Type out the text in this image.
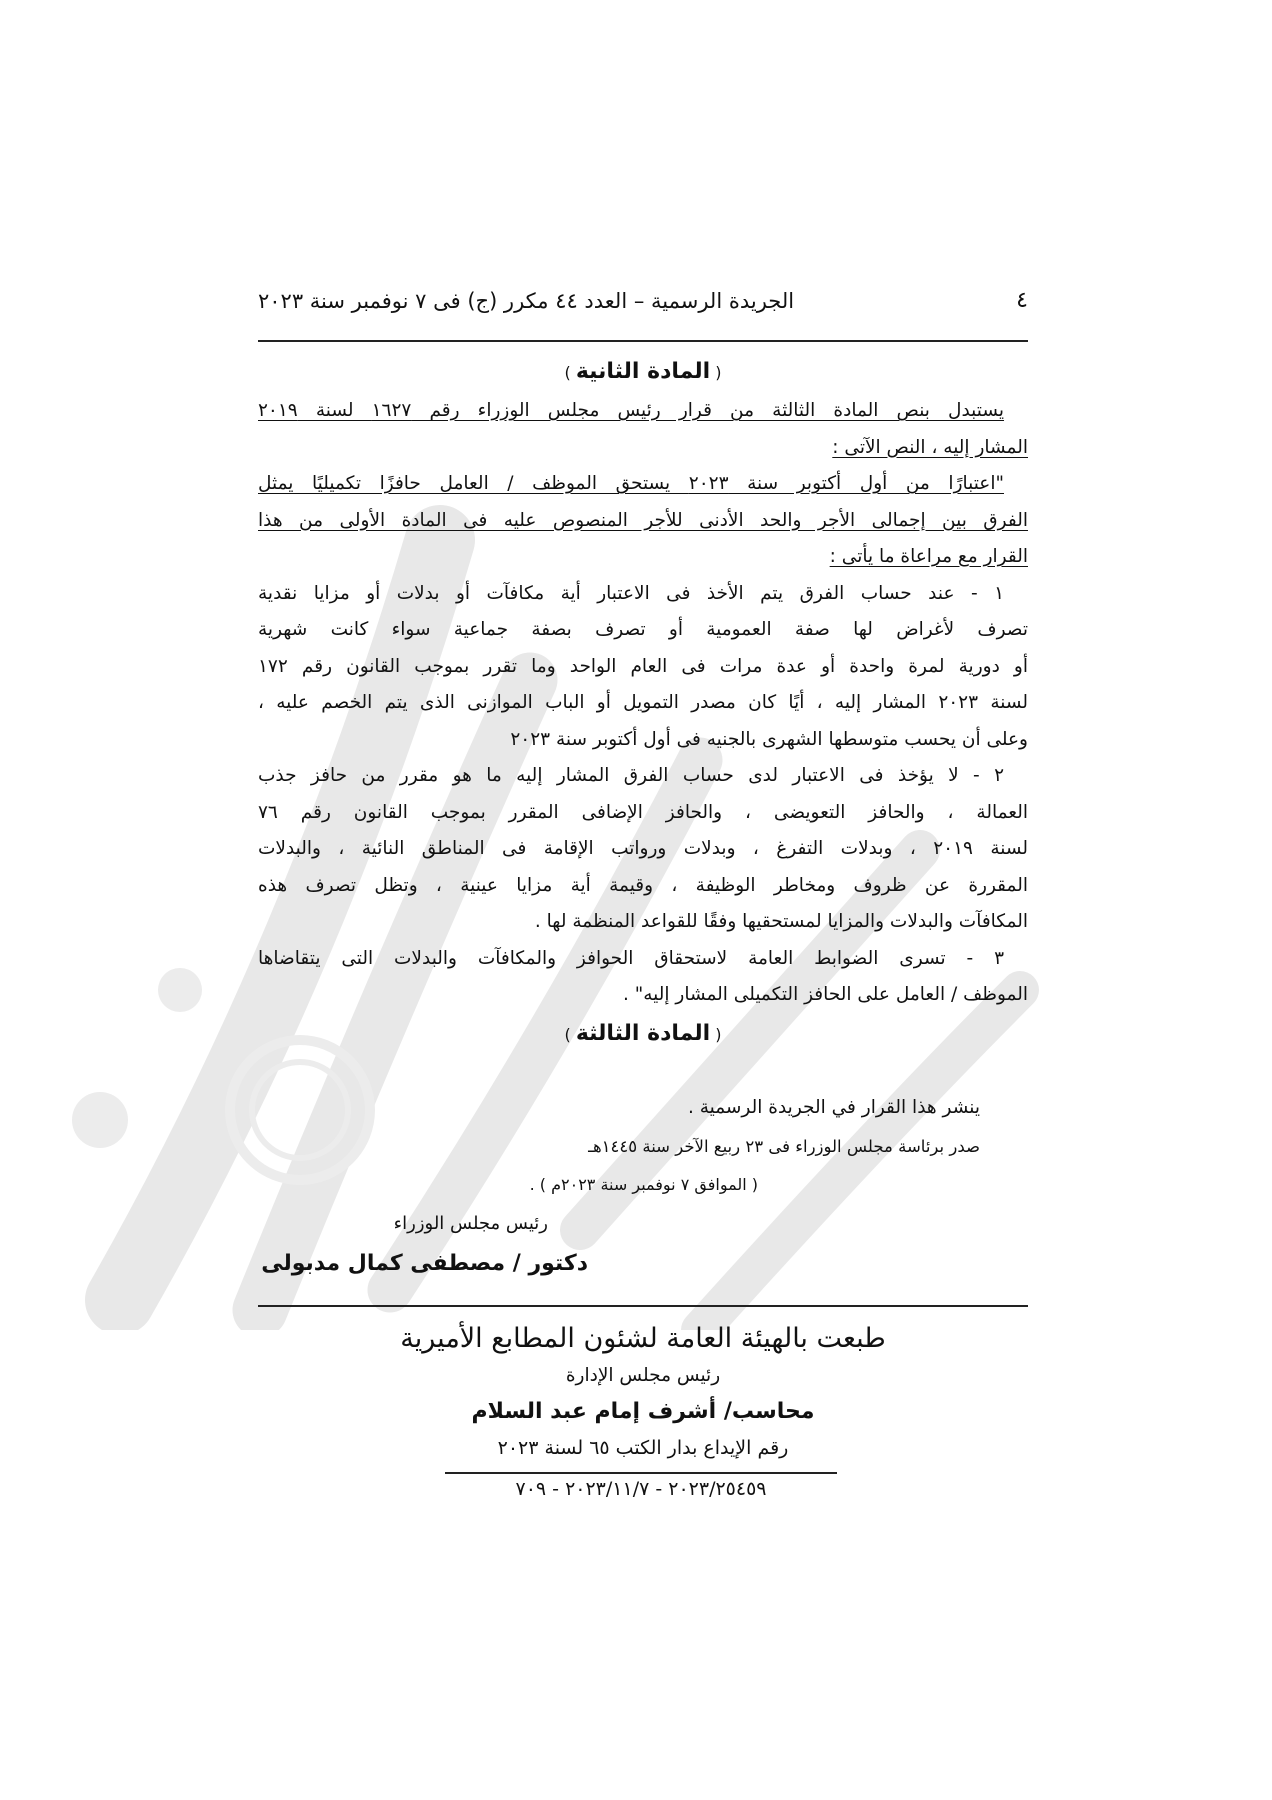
٤
الجريدة الرسمية – العدد ٤٤ مكرر (ج) فى ٧ نوفمبر سنة ٢٠٢٣
( المادة الثانية )
يستبدل بنص المادة الثالثة من قرار رئيس مجلس الوزراء رقم ١٦٢٧ لسنة ٢٠١٩
المشار إليه ، النص الآتى :
"اعتبارًا من أول أكتوبر سنة ٢٠٢٣ يستحق الموظف / العامل حافزًا تكميليًا يمثل
الفرق بين إجمالى الأجر والحد الأدنى للأجر المنصوص عليه فى المادة الأولى من هذا
القرار مع مراعاة ما يأتى :
١ - عند حساب الفرق يتم الأخذ فى الاعتبار أية مكافآت أو بدلات أو مزايا نقدية
تصرف لأغراض لها صفة العمومية أو تصرف بصفة جماعية سواء كانت شهرية
أو دورية لمرة واحدة أو عدة مرات فى العام الواحد وما تقرر بموجب القانون رقم ١٧٢
لسنة ٢٠٢٣ المشار إليه ، أيًا كان مصدر التمويل أو الباب الموازنى الذى يتم الخصم عليه ،
وعلى أن يحسب متوسطها الشهرى بالجنيه فى أول أكتوبر سنة ٢٠٢٣
٢ - لا يؤخذ فى الاعتبار لدى حساب الفرق المشار إليه ما هو مقرر من حافز جذب
العمالة ، والحافز التعويضى ، والحافز الإضافى المقرر بموجب القانون رقم ٧٦
لسنة ٢٠١٩ ، وبدلات التفرغ ، وبدلات ورواتب الإقامة فى المناطق النائية ، والبدلات
المقررة عن ظروف ومخاطر الوظيفة ، وقيمة أية مزايا عينية ، وتظل تصرف هذه
المكافآت والبدلات والمزايا لمستحقيها وفقًا للقواعد المنظمة لها .
٣ - تسرى الضوابط العامة لاستحقاق الحوافز والمكافآت والبدلات التى يتقاضاها
الموظف / العامل على الحافز التكميلى المشار إليه" .
( المادة الثالثة )
ينشر هذا القرار في الجريدة الرسمية .
صدر برئاسة مجلس الوزراء فى ٢٣ ربيع الآخر سنة ١٤٤٥هـ
( الموافق ٧ نوفمبر سنة ٢٠٢٣م ) .
رئيس مجلس الوزراء
دكتور / مصطفى كمال مدبولى
طبعت بالهيئة العامة لشئون المطابع الأميرية
رئيس مجلس الإدارة
محاسب/ أشرف إمام عبد السلام
رقم الإيداع بدار الكتب ٦٥ لسنة ٢٠٢٣
٢٠٢٣/٢٥٤٥٩ - ٢٠٢٣/١١/٧ - ٧٠٩
